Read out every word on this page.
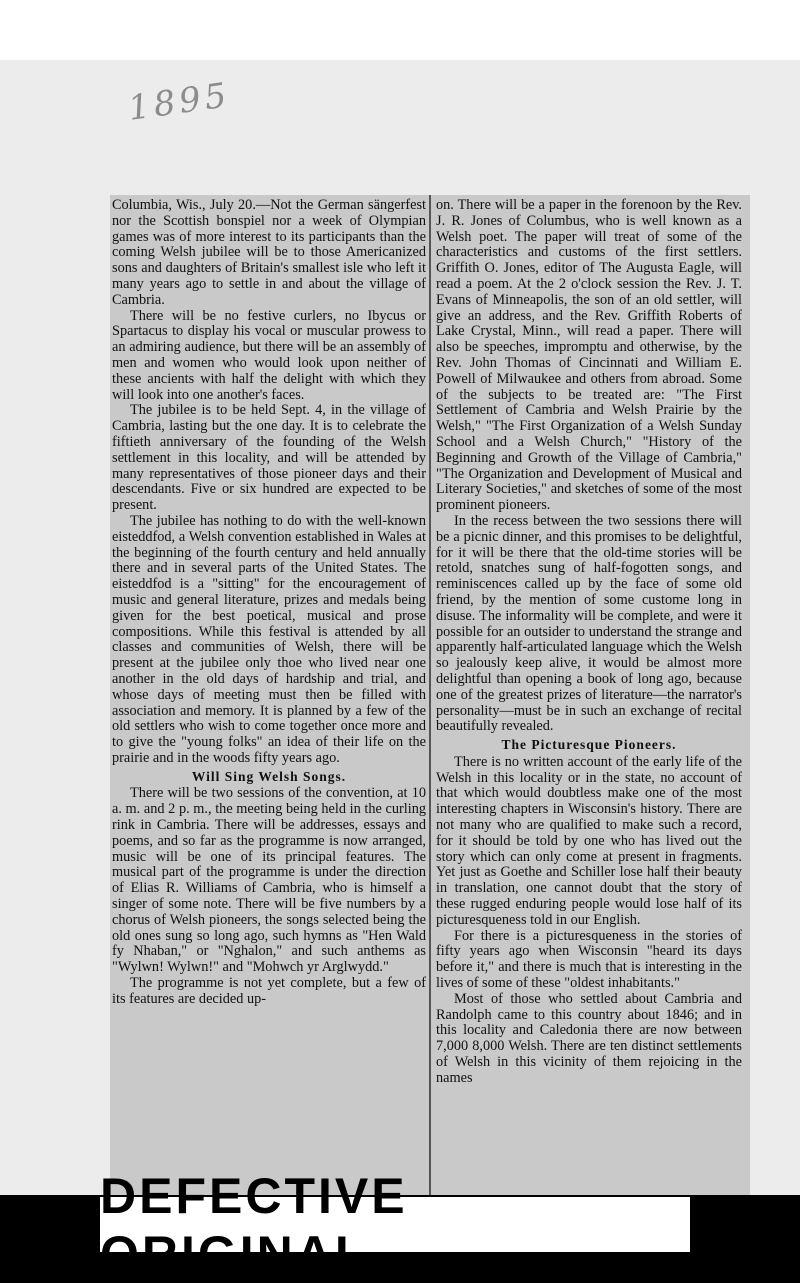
1895

Columbia, Wis., July 20.—Not the German sängerfest nor the Scottish bonspiel nor a week of Olympian games was of more interest to its participants than the coming Welsh jubilee will be to those Americanized sons and daughters of Britain's smallest isle who left it many years ago to settle in and about the village of Cambria.

There will be no festive curlers, no Ibycus or Spartacus to display his vocal or muscular prowess to an admiring audience, but there will be an assembly of men and women who would look upon neither of these ancients with half the delight with which they will look into one another's faces.

The jubilee is to be held Sept. 4, in the village of Cambria, lasting but the one day. It is to celebrate the fiftieth anniversary of the founding of the Welsh settlement in this locality, and will be attended by many representatives of those pioneer days and their descendants. Five or six hundred are expected to be present.

The jubilee has nothing to do with the well-known eisteddfod, a Welsh convention established in Wales at the beginning of the fourth century and held annually there and in several parts of the United States. The eisteddfod is a "sitting" for the encouragement of music and general literature, prizes and medals being given for the best poetical, musical and prose compositions. While this festival is attended by all classes and communities of Welsh, there will be present at the jubilee only thoe who lived near one another in the old days of hardship and trial, and whose days of meeting must then be filled with association and memory. It is planned by a few of the old settlers who wish to come together once more and to give the "young folks" an idea of their life on the prairie and in the woods fifty years ago.

Will Sing Welsh Songs.

There will be two sessions of the convention, at 10 a. m. and 2 p. m., the meeting being held in the curling rink in Cambria. There will be addresses, essays and poems, and so far as the programme is now arranged, music will be one of its principal features. The musical part of the programme is under the direction of Elias R. Williams of Cambria, who is himself a singer of some note. There will be five numbers by a chorus of Welsh pioneers, the songs selected being the old ones sung so long ago, such hymns as "Hen Wald fy Nhaban," or "Nghalon," and such anthems as "Wylwn! Wylwn!" and "Mohwch yr Arglwydd."

The programme is not yet complete, but a few of its features are decided up-

on. There will be a paper in the forenoon by the Rev. J. R. Jones of Columbus, who is well known as a Welsh poet. The paper will treat of some of the characteristics and customs of the first settlers. Griffith O. Jones, editor of The Augusta Eagle, will read a poem. At the 2 o'clock session the Rev. J. T. Evans of Minneapolis, the son of an old settler, will give an address, and the Rev. Griffith Roberts of Lake Crystal, Minn., will read a paper. There will also be speeches, impromptu and otherwise, by the Rev. John Thomas of Cincinnati and William E. Powell of Milwaukee and others from abroad. Some of the subjects to be treated are: "The First Settlement of Cambria and Welsh Prairie by the Welsh," "The First Organization of a Welsh Sunday School and a Welsh Church," "History of the Beginning and Growth of the Village of Cambria," "The Organization and Development of Musical and Literary Societies," and sketches of some of the most prominent pioneers.

In the recess between the two sessions there will be a picnic dinner, and this promises to be delightful, for it will be there that the old-time stories will be retold, snatches sung of half-fogotten songs, and reminiscences called up by the face of some old friend, by the mention of some custome long in disuse. The informality will be complete, and were it possible for an outsider to understand the strange and apparently half-articulated language which the Welsh so jealously keep alive, it would be almost more delightful than opening a book of long ago, because one of the greatest prizes of literature—the narrator's personality—must be in such an exchange of recital beautifully revealed.

The Picturesque Pioneers.

There is no written account of the early life of the Welsh in this locality or in the state, no account of that which would doubtless make one of the most interesting chapters in Wisconsin's history. There are not many who are qualified to make such a record, for it should be told by one who has lived out the story which can only come at present in fragments. Yet just as Goethe and Schiller lose half their beauty in translation, one cannot doubt that the story of these rugged enduring people would lose half of its picturesqueness told in our English.

For there is a picturesqueness in the stories of fifty years ago when Wisconsin "heard its days before it," and there is much that is interesting in the lives of some of these "oldest inhabitants."

Most of those who settled about Cambria and Randolph came to this country about 1846; and in this locality and Caledonia there are now between 7,000 8,000 Welsh. There are ten distinct settlements of Welsh in this vicinity of them rejoicing in the names

DEFECTIVE ORIGINAL
